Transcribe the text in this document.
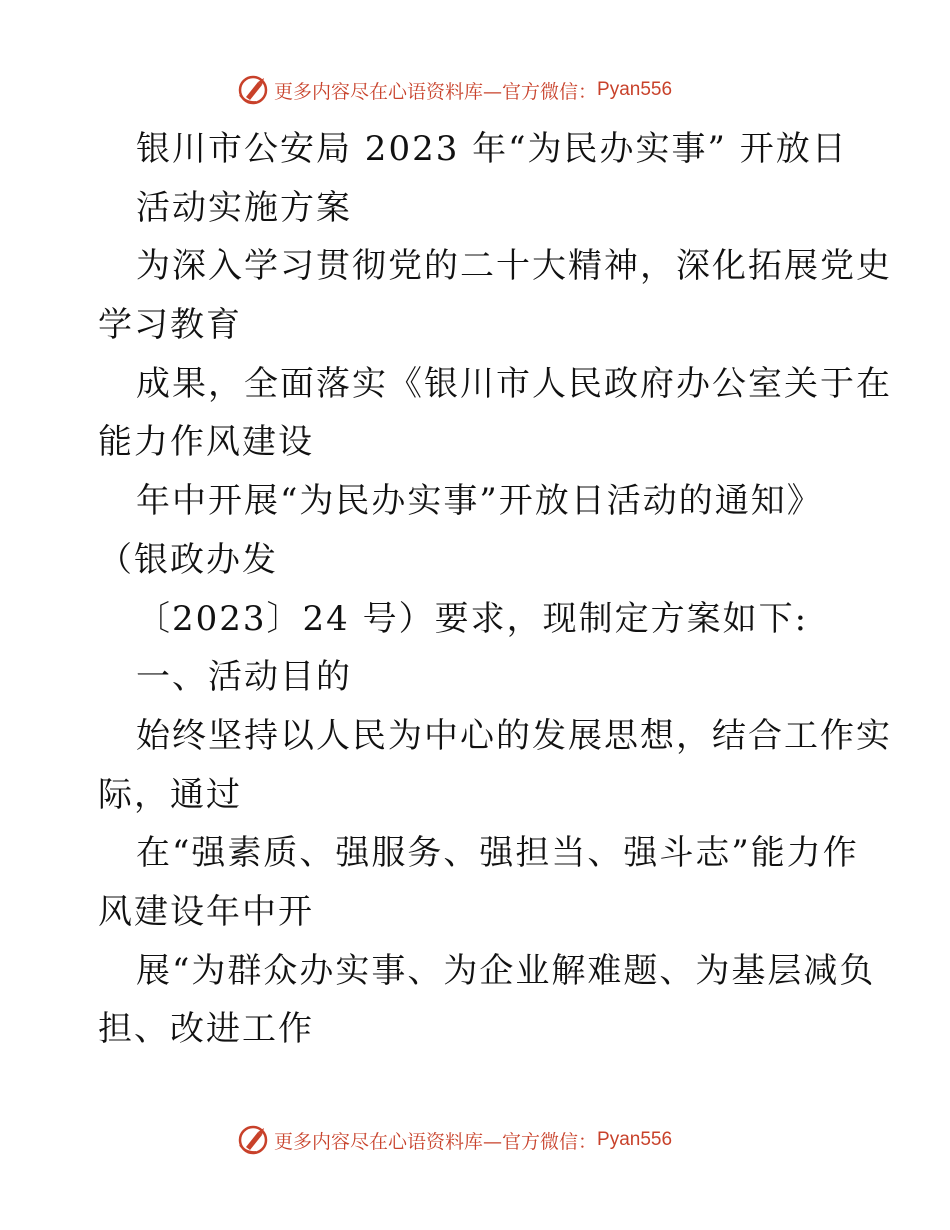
更多内容尽在心语资料库—官方微信： Pyan556
银川市公安局 2023 年“为民办实事” 开放日
活动实施方案
为深入学习贯彻党的二十大精神，深化拓展党史
学习教育
成果，全面落实《银川市人民政府办公室关于在
能力作风建设
年中开展“为民办实事”开放日活动的通知》
（银政办发
〔2023〕24 号）要求，现制定方案如下:
一、活动目的
始终坚持以人民为中心的发展思想，结合工作实
际，通过
在“强素质、强服务、强担当、强斗志”能力作
风建设年中开
展“为群众办实事、为企业解难题、为基层减负
担、改进工作
更多内容尽在心语资料库—官方微信： Pyan556
